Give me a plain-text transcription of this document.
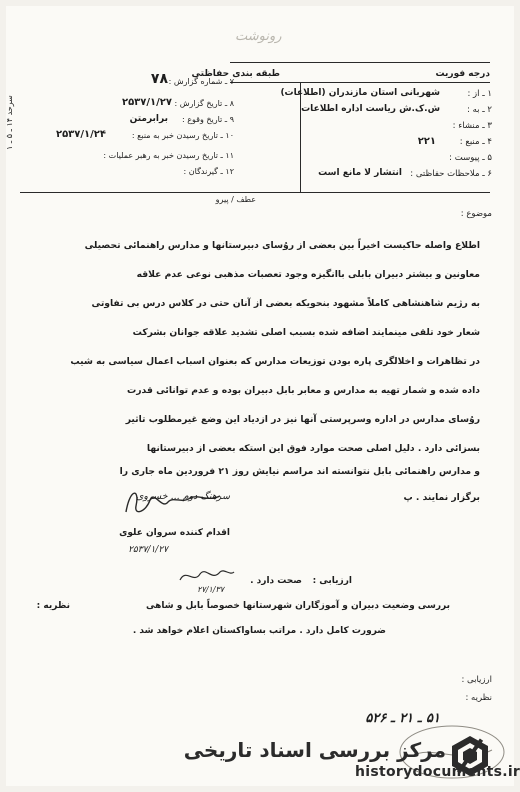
رونوشت
درجه فوریت
طبقه بندی حفاظتی
۱ ـ از :
شهربانی استان مازندران (اطلاعات)
۲ ـ به :
ش.ک.ش ریاست اداره اطلاعات
۳ ـ منشاء :
۴ ـ منبع :
۲۲۱
۵ ـ پیوست :
۶ ـ ملاحظات حفاظتی :
انتشار لا مانع است
۷ ـ شماره گزارش :
۷۸
۸ ـ تاریخ گزارش :
۲۵۳۷/۱/۲۷
۹ ـ تاریخ وقوع :
برابرمتن
۱۰ ـ تاریخ رسیدن خبر به منبع :
۲۵۳۷/۱/۲۴
۱۱ ـ تاریخ رسیدن خبر به رهبر عملیات :
۱۲ ـ گیرندگان :
سرحد ۱۴ ـ ۵ ـ ۱
عطف / پیرو
موضوع :
اطلاع واصله حاکیست اخیراً بین بعضی از روُسای دبیرستانها و مدارس راهنمائی تحصیلی
معاونین و بیشتر دبیران بابلی باانگیزه وجود تعصبات مذهبی نوعی عدم علاقه
به رژیم شاهنشاهی کاملاً مشهود بنحویکه بعضی از آنان حتی در کلاس درس بی تفاوتی
شعار خود تلقی مینمایند اضافه شده بسبب اصلی تشدید علاقه جوانان بشرکت
در تظاهرات و اخلالگری پاره بودن توزیعات مدارس که بعنوان اسباب اعمال سیاسی به شیب
داده شده و شمار تهیه به مدارس و معابر بابل دبیران بوده و عدم توانائی قدرت
روُسای مدارس در اداره وسرپرستی آنها نیز در ازدیاد این وضع غیرمطلوب تاثیر
بسزائی دارد . دلیل اصلی صحت موارد فوق این استکه بعضی از دبیرستانها
و مدارس راهنمائی بابل نتوانسته اند مراسم نیایش روز ۲۱ فروردین ماه جاری را
برگزار نمایند . پ
سرهنگ دوم ... خسروی
اقدام کننده سروان علوی
۲۵۳۷/۱/۲۷
۲۷/۱/۳۷
ارزیابی :
صحت دارد .
نظریه :	بررسی وضعیت دبیران و آموزگاران شهرستانها خصوصاً بابل و شاهی
ضرورت کامل دارد . مراتب بساواکستان اعلام خواهد شد .
ارزیابی :
نظریه :
۵۱ ـ ۲۱ ـ ۵۲۶
مرکز بررسی اسناد تاریخی
historydocuments.ir
